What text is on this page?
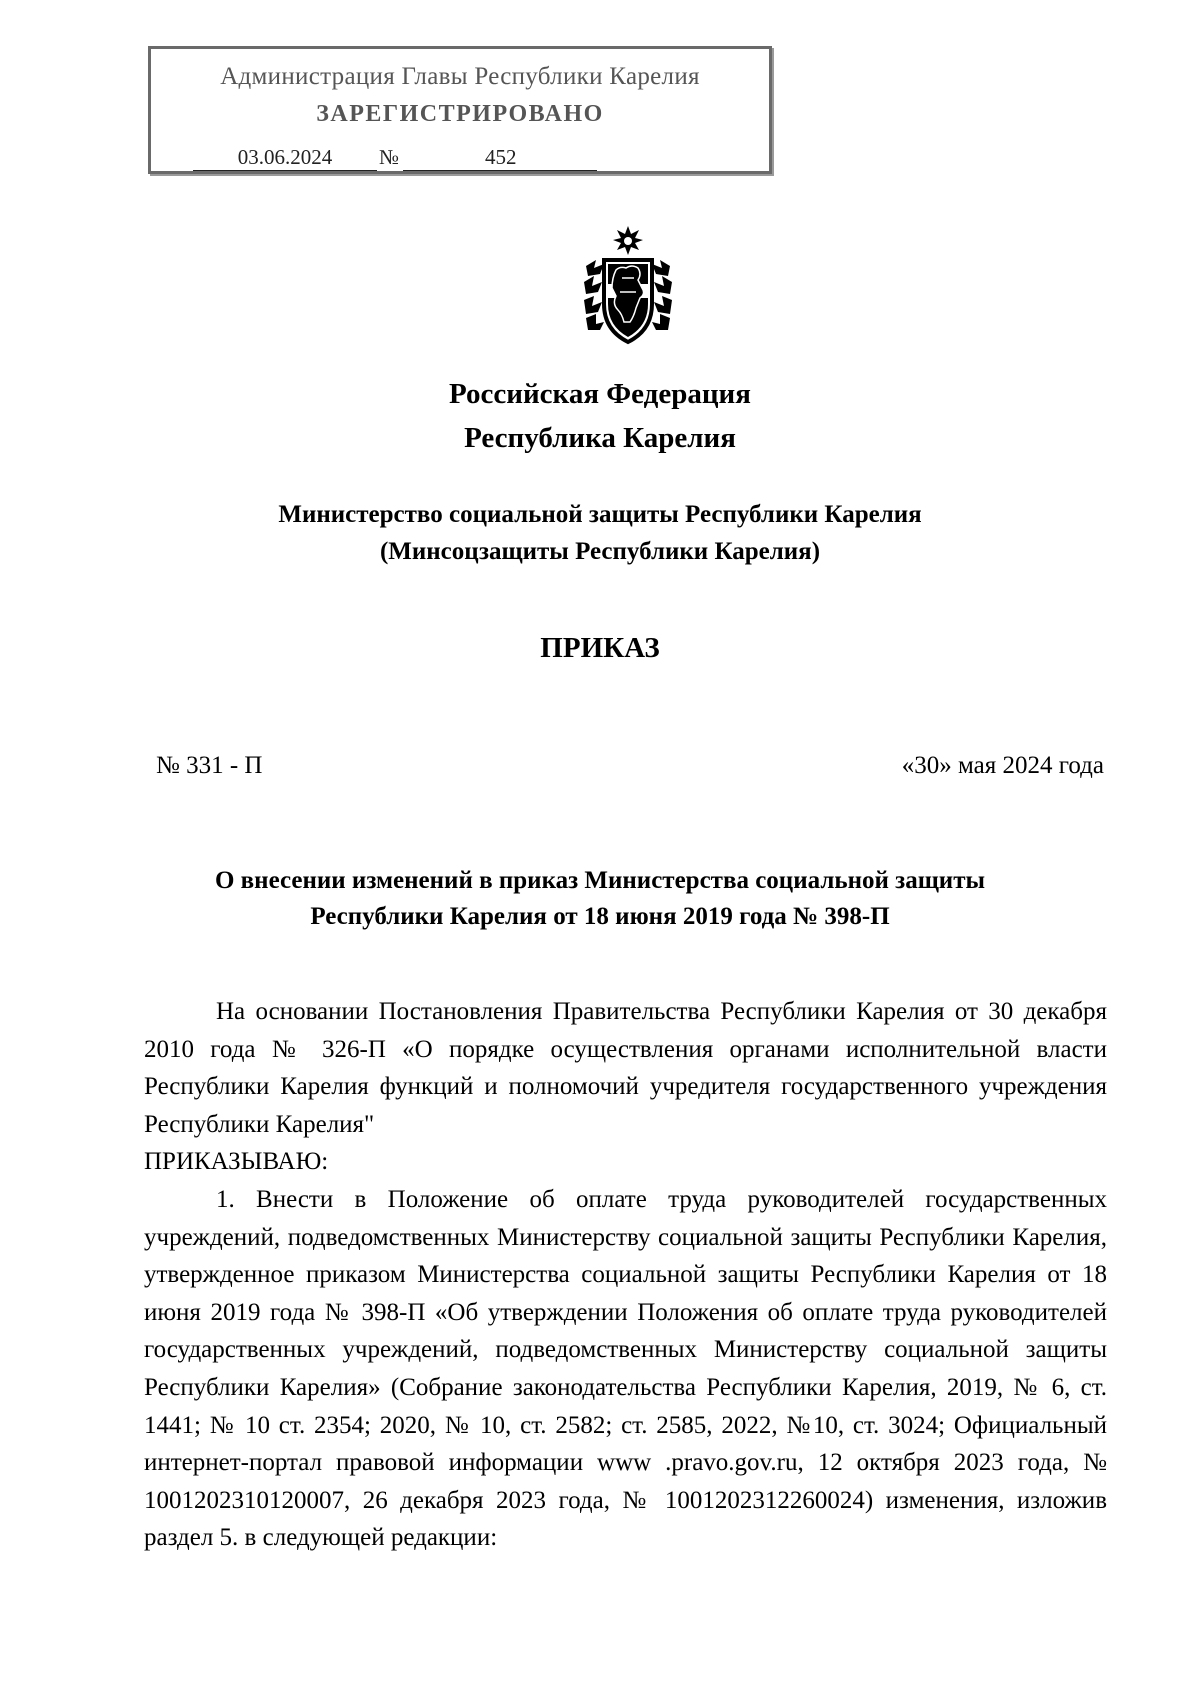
Администрация Главы Республики Карелия
ЗАРЕГИСТРИРОВАНО
03.06.2024	№	452
Российская Федерация
Республика Карелия
Министерство социальной защиты Республики Карелия
(Минсоцзащиты Республики Карелия)
ПРИКАЗ
№ 331 - П	«30» мая 2024 года
О внесении изменений в приказ Министерства социальной защиты
Республики Карелия от 18 июня 2019 года № 398-П

На основании Постановления Правительства Республики Карелия от 30 декабря 2010 года № 326-П «О порядке осуществления органами исполнительной власти Республики Карелия функций и полномочий учредителя государственного учреждения Республики Карелия"

ПРИКАЗЫВАЮ:

1. Внести в Положение об оплате труда руководителей государственных учреждений, подведомственных Министерству социальной защиты Республики Карелия, утвержденное приказом Министерства социальной защиты Республики Карелия от 18 июня 2019 года № 398-П «Об утверждении Положения об оплате труда руководителей государственных учреждений, подведомственных Министерству социальной защиты Республики Карелия» (Собрание законодательства Республики Карелия, 2019, № 6, ст. 1441; № 10 ст. 2354; 2020, № 10, ст. 2582; ст. 2585, 2022, №10, ст. 3024; Официальный интернет-портал правовой информации www .pravo.gov.ru, 12 октября 2023 года, № 1001202310120007, 26 декабря 2023 года, № 1001202312260024) изменения, изложив раздел 5. в следующей редакции:
